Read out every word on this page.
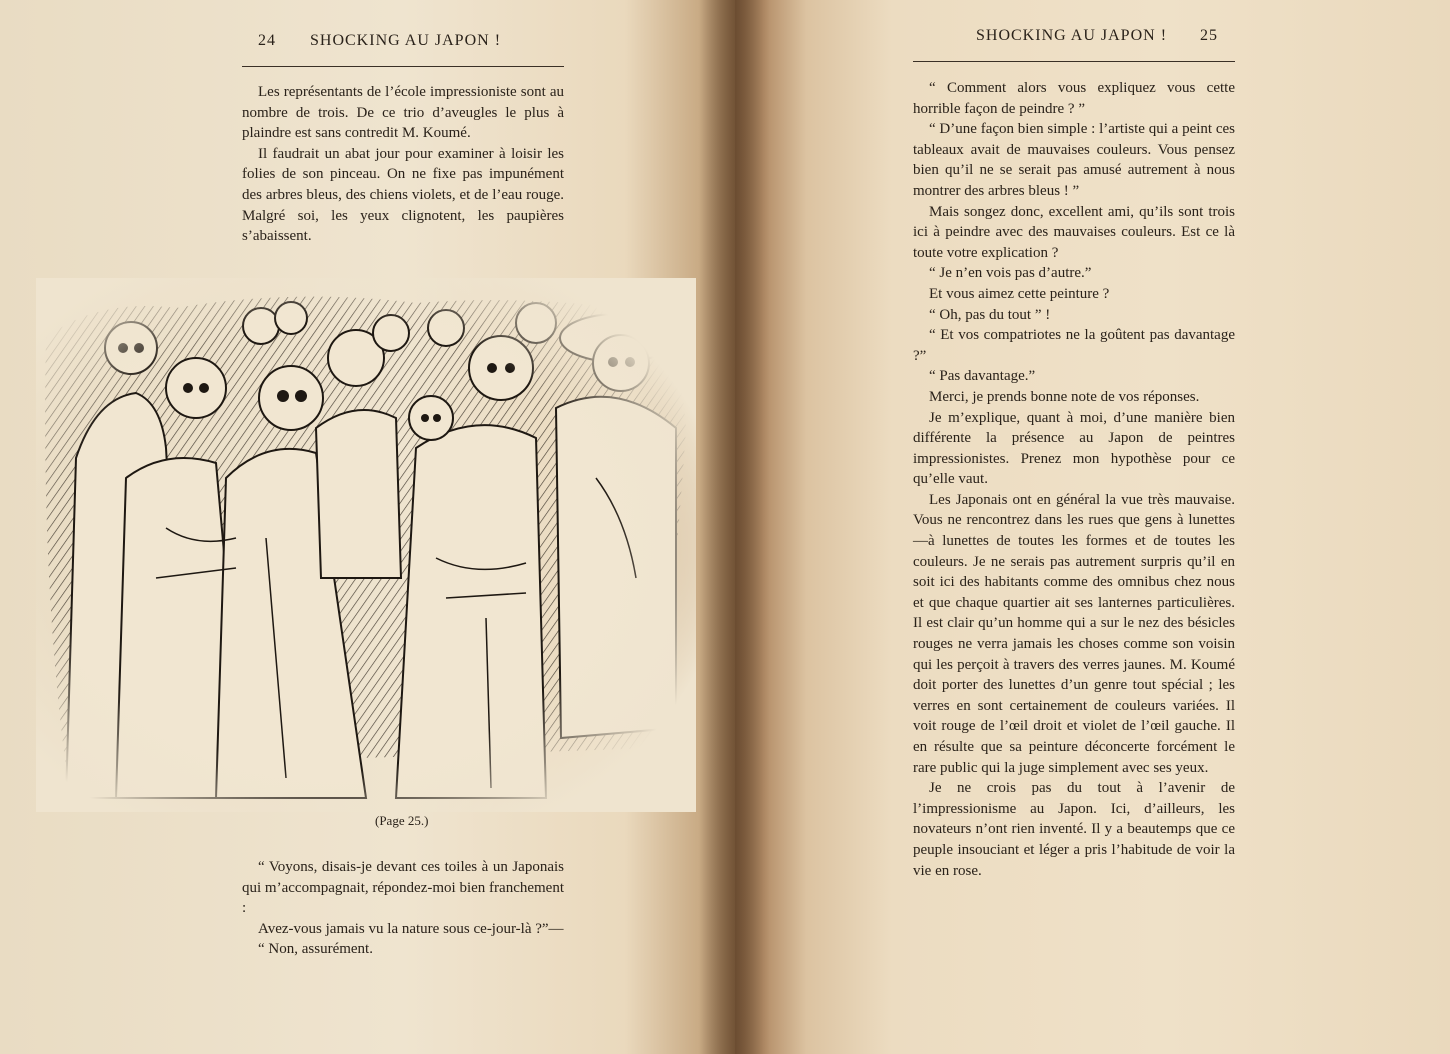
24 SHOCKING AU JAPON !

Les représentants de l’école impressioniste sont au nombre de trois. De ce trio d’aveugles le plus à plaindre est sans contredit M. Koumé.

Il faudrait un abat jour pour examiner à loisir les folies de son pinceau. On ne fixe pas impunément des arbres bleus, des chiens violets, et de l’eau rouge. Malgré soi, les yeux clignotent, les paupières s’abaissent.

(Page 25.)

“ Voyons, disais-je devant ces toiles à un Japonais qui m’accompagnait, répondez-moi bien franchement :

Avez-vous jamais vu la nature sous ce-jour-là ?”—

“ Non, assurément.

SHOCKING AU JAPON ! 25

“ Comment alors vous expliquez vous cette horrible façon de peindre ? ”

“ D’une façon bien simple : l’artiste qui a peint ces tableaux avait de mauvaises couleurs. Vous pensez bien qu’il ne se serait pas amusé autrement à nous montrer des arbres bleus ! ”

Mais songez donc, excellent ami, qu’ils sont trois ici à peindre avec des mauvaises couleurs. Est ce là toute votre explication ?

“ Je n’en vois pas d’autre.”

Et vous aimez cette peinture ?

“ Oh, pas du tout ” !

“ Et vos compatriotes ne la goûtent pas davantage ?”

“ Pas davantage.”

Merci, je prends bonne note de vos réponses.

Je m’explique, quant à moi, d’une manière bien différente la présence au Japon de peintres impressionistes. Prenez mon hypothèse pour ce qu’elle vaut.

Les Japonais ont en général la vue très mauvaise. Vous ne rencontrez dans les rues que gens à lunettes—à lunettes de toutes les formes et de toutes les couleurs. Je ne serais pas autrement surpris qu’il en soit ici des habitants comme des omnibus chez nous et que chaque quartier ait ses lanternes particulières. Il est clair qu’un homme qui a sur le nez des bésicles rouges ne verra jamais les choses comme son voisin qui les perçoit à travers des verres jaunes. M. Koumé doit porter des lunettes d’un genre tout spécial ; les verres en sont certainement de couleurs variées. Il voit rouge de l’œil droit et violet de l’œil gauche. Il en résulte que sa peinture déconcerte forcément le rare public qui la juge simplement avec ses yeux.

Je ne crois pas du tout à l’avenir de l’impressionisme au Japon. Ici, d’ailleurs, les novateurs n’ont rien inventé. Il y a beautemps que ce peuple insouciant et léger a pris l’habitude de voir la vie en rose.
